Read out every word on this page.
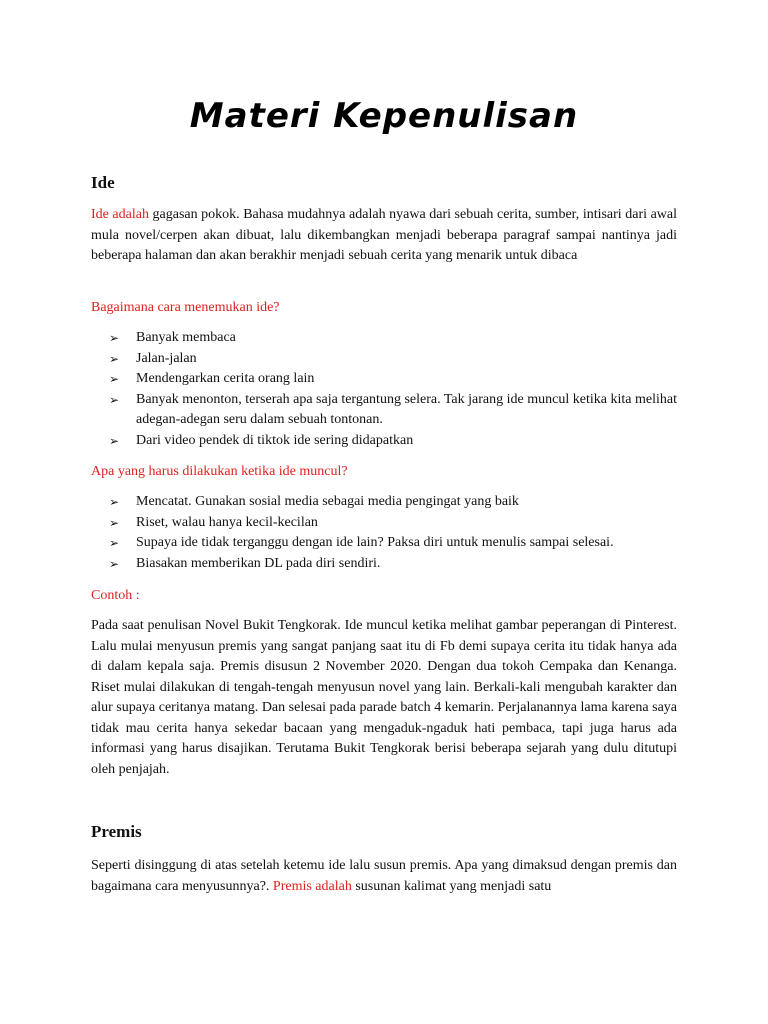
Materi Kepenulisan
Ide

Ide adalah gagasan pokok. Bahasa mudahnya adalah nyawa dari sebuah cerita, sumber, intisari dari awal mula novel/cerpen akan dibuat, lalu dikembangkan menjadi beberapa paragraf sampai nantinya jadi beberapa halaman dan akan berakhir menjadi sebuah cerita yang menarik untuk dibaca

Bagaimana cara menemukan ide?

➢ Banyak membaca
➢ Jalan-jalan
➢ Mendengarkan cerita orang lain
➢ Banyak menonton, terserah apa saja tergantung selera. Tak jarang ide muncul ketika kita melihat adegan-adegan seru dalam sebuah tontonan.
➢ Dari video pendek di tiktok ide sering didapatkan

Apa yang harus dilakukan ketika ide muncul?

➢ Mencatat. Gunakan sosial media sebagai media pengingat yang baik
➢ Riset, walau hanya kecil-kecilan
➢ Supaya ide tidak terganggu dengan ide lain? Paksa diri untuk menulis sampai selesai.
➢ Biasakan memberikan DL pada diri sendiri.

Contoh :

Pada saat penulisan Novel Bukit Tengkorak. Ide muncul ketika melihat gambar peperangan di Pinterest. Lalu mulai menyusun premis yang sangat panjang saat itu di Fb demi supaya cerita itu tidak hanya ada di dalam kepala saja. Premis disusun 2 November 2020. Dengan dua tokoh Cempaka dan Kenanga. Riset mulai dilakukan di tengah-tengah menyusun novel yang lain. Berkali-kali mengubah karakter dan alur supaya ceritanya matang. Dan selesai pada parade batch 4 kemarin. Perjalanannya lama karena saya tidak mau cerita hanya sekedar bacaan yang mengaduk-ngaduk hati pembaca, tapi juga harus ada informasi yang harus disajikan. Terutama Bukit Tengkorak berisi beberapa sejarah yang dulu ditutupi oleh penjajah.

Premis

Seperti disinggung di atas setelah ketemu ide lalu susun premis. Apa yang dimaksud dengan premis dan bagaimana cara menyusunnya?. Premis adalah susunan kalimat yang menjadi satu
